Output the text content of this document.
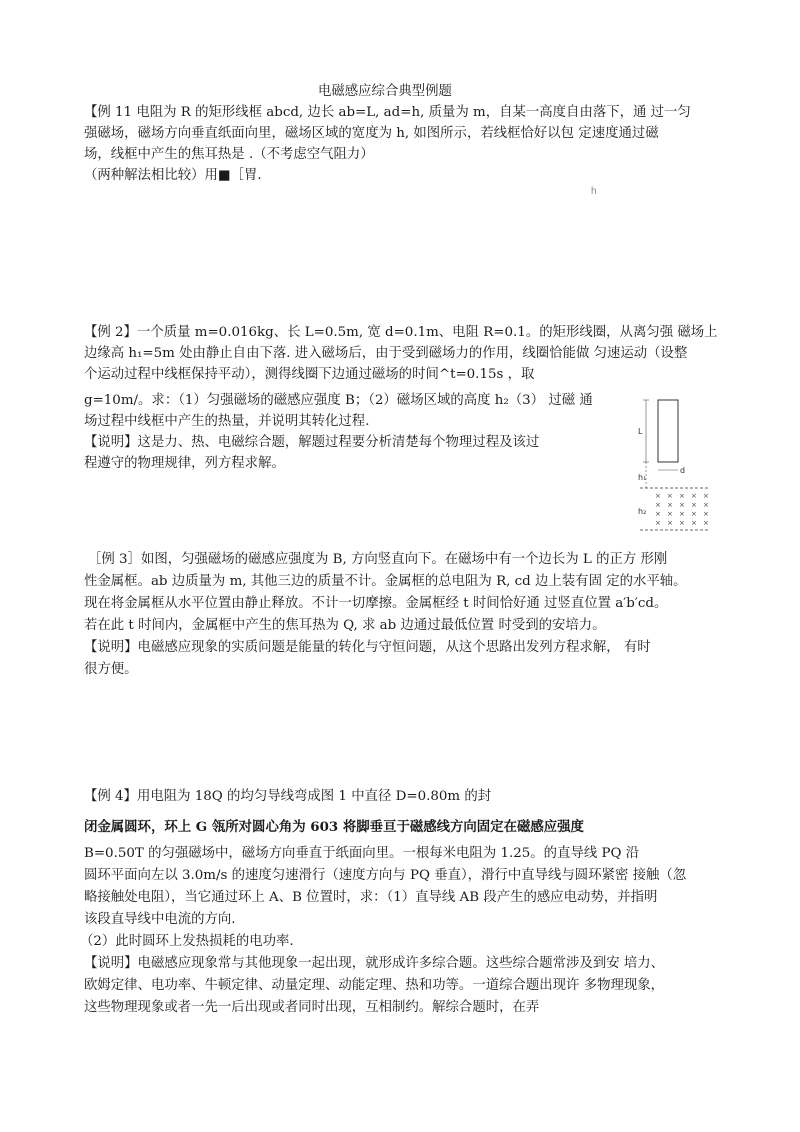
电磁感应综合典型例题
【例 11 电阻为 R 的矩形线框 abcd, 边长 ab=L, ad=h, 质量为 m，自某一高度自由落下，通 过一匀
强磁场，磁场方向垂直纸面向里，磁场区域的宽度为 h, 如图所示，若线框恰好以包 定速度通过磁
场，线框中产生的焦耳热是 .（不考虑空气阻力）
（两种解法相比较）用■［胃.
h
【例 2】一个质量 m=0.016kg、长 L=0.5m, 宽 d=0.1m、电阻 R=0.1。的矩形线圈，从离匀强 磁场上
边缘高 h₁=5m 处由静止自由下落. 进入磁场后，由于受到磁场力的作用，线圈恰能做 匀速运动（设整
个运动过程中线框保持平动），测得线圈下边通过磁场的时间^t=0.15s ，取
g=10m/。求：（1）匀强磁场的磁感应强度 B；（2）磁场区域的高度 h₂（3） 过磁 通
场过程中线框中产生的热量，并说明其转化过程.
【说明】这是力、热、电磁综合题，解题过程要分析清楚每个物理过程及该过
程遵守的物理规律，列方程求解。
L
d
h₁
h₂
× × × × ×
× × × × ×
× × × × ×
× × × × ×
［例 3］如图，匀强磁场的磁感应强度为 B, 方向竖直向下。在磁场中有一个边长为 L 的正方 形刚
性金属框。ab 边质量为 m, 其他三边的质量不计。金属框的总电阻为 R, cd 边上装有固 定的水平轴。
现在将金属框从水平位置由静止释放。不计一切摩擦。金属框经 t 时间恰好通 过竖直位置 a′b′cd。
若在此 t 时间内，金属框中产生的焦耳热为 Q, 求 ab 边通过最低位置 时受到的安培力。
【说明】电磁感应现象的实质问题是能量的转化与守恒问题，从这个思路出发列方程求解， 有时
很方便。
【例 4】用电阻为 18Q 的均匀导线弯成图 1 中直径 D=0.80m 的封
闭金属圆环，环上 G 瓴所对圆心角为 603 将脚垂亘于磁感线方向固定在磁感应强度
B=0.50T 的匀强磁场中，磁场方向垂直于纸面向里。一根每米电阻为 1.25。的直导线 PQ 沿
圆环平面向左以 3.0m/s 的速度匀速滑行（速度方向与 PQ 垂直），滑行中直导线与圆环紧密 接触（忽
略接触处电阻），当它通过环上 A、B 位置时，求：（1）直导线 AB 段产生的感应电动势，并指明
该段直导线中电流的方向.
（2）此时圆环上发热损耗的电功率.
【说明】电磁感应现象常与其他现象一起出现，就形成许多综合题。这些综合题常涉及到安 培力、
欧姆定律、电功率、牛顿定律、动量定理、动能定理、热和功等。一道综合题出现许 多物理现象，
这些物理现象或者一先一后出现或者同时出现，互相制约。解综合题时，在弄
